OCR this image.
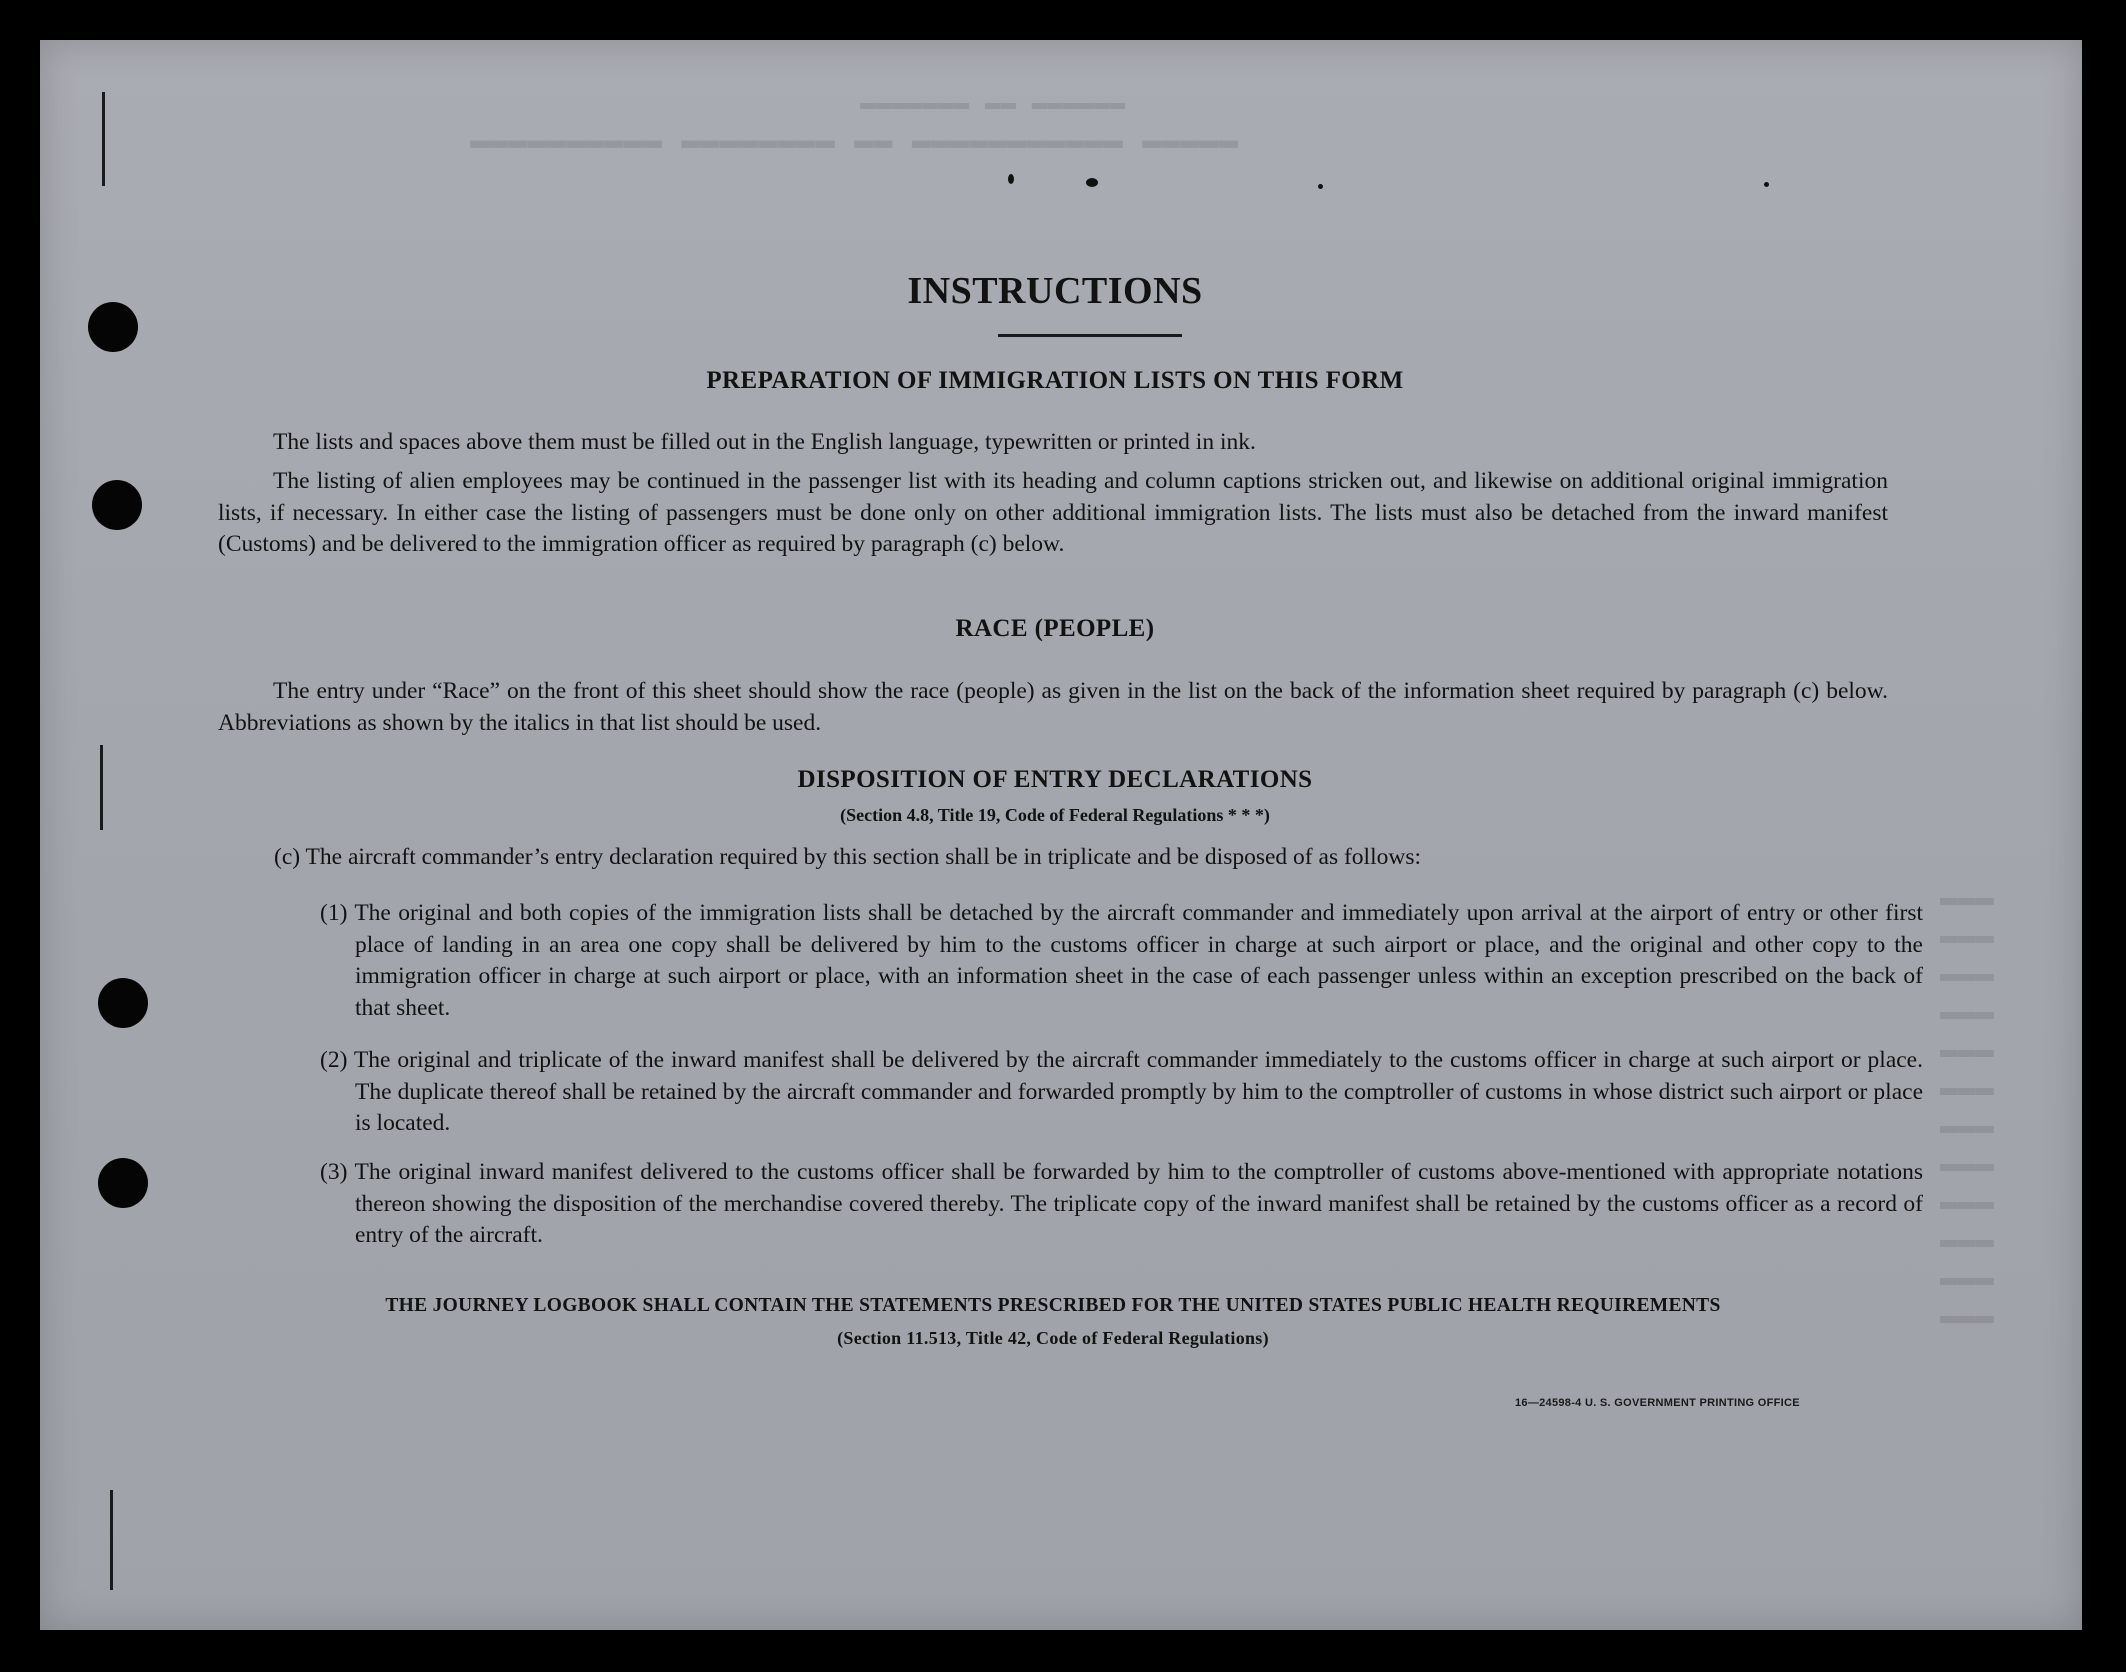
▬▬▬▬▬▬ ▬▬ ▬▬▬▬▬▬▬
▬▬▬▬▬ ▬▬▬▬▬▬▬▬▬▬▬ ▬▬ ▬▬▬▬▬▬▬▬ ▬▬▬▬▬▬▬▬▬▬
▬▬▬
▬▬▬
▬▬▬
▬▬▬
▬▬▬
▬▬▬
▬▬▬
▬▬▬
▬▬▬
▬▬▬
▬▬▬
▬▬▬
INSTRUCTIONS
PREPARATION OF IMMIGRATION LISTS ON THIS FORM
The lists and spaces above them must be filled out in the English language, typewritten or printed in ink.
The listing of alien employees may be continued in the passenger list with its heading and column captions stricken out, and likewise on additional original immigration lists, if necessary. In either case the listing of passengers must be done only on other additional immigration lists. The lists must also be detached from the inward manifest (Customs) and be delivered to the immigration officer as required by paragraph (c) below.
RACE (PEOPLE)
The entry under “Race” on the front of this sheet should show the race (people) as given in the list on the back of the information sheet required by paragraph (c) below. Abbreviations as shown by the italics in that list should be used.
DISPOSITION OF ENTRY DECLARATIONS
(Section 4.8, Title 19, Code of Federal Regulations * * *)
(c) The aircraft commander’s entry declaration required by this section shall be in triplicate and be disposed of as follows:
(1) The original and both copies of the immigration lists shall be detached by the aircraft commander and immediately upon arrival at the airport of entry or other first place of landing in an area one copy shall be delivered by him to the customs officer in charge at such airport or place, and the original and other copy to the immigration officer in charge at such airport or place, with an information sheet in the case of each passenger unless within an exception prescribed on the back of that sheet.
(2) The original and triplicate of the inward manifest shall be delivered by the aircraft commander immediately to the customs officer in charge at such airport or place. The duplicate thereof shall be retained by the aircraft commander and forwarded promptly by him to the comptroller of customs in whose district such airport or place is located.
(3) The original inward manifest delivered to the customs officer shall be forwarded by him to the comptroller of customs above-mentioned with appropriate notations thereon showing the disposition of the merchandise covered thereby. The triplicate copy of the inward manifest shall be retained by the customs officer as a record of entry of the aircraft.
THE JOURNEY LOGBOOK SHALL CONTAIN THE STATEMENTS PRESCRIBED FOR THE UNITED STATES PUBLIC HEALTH REQUIREMENTS
(Section 11.513, Title 42, Code of Federal Regulations)
16—24598-4 U. S. GOVERNMENT PRINTING OFFICE
